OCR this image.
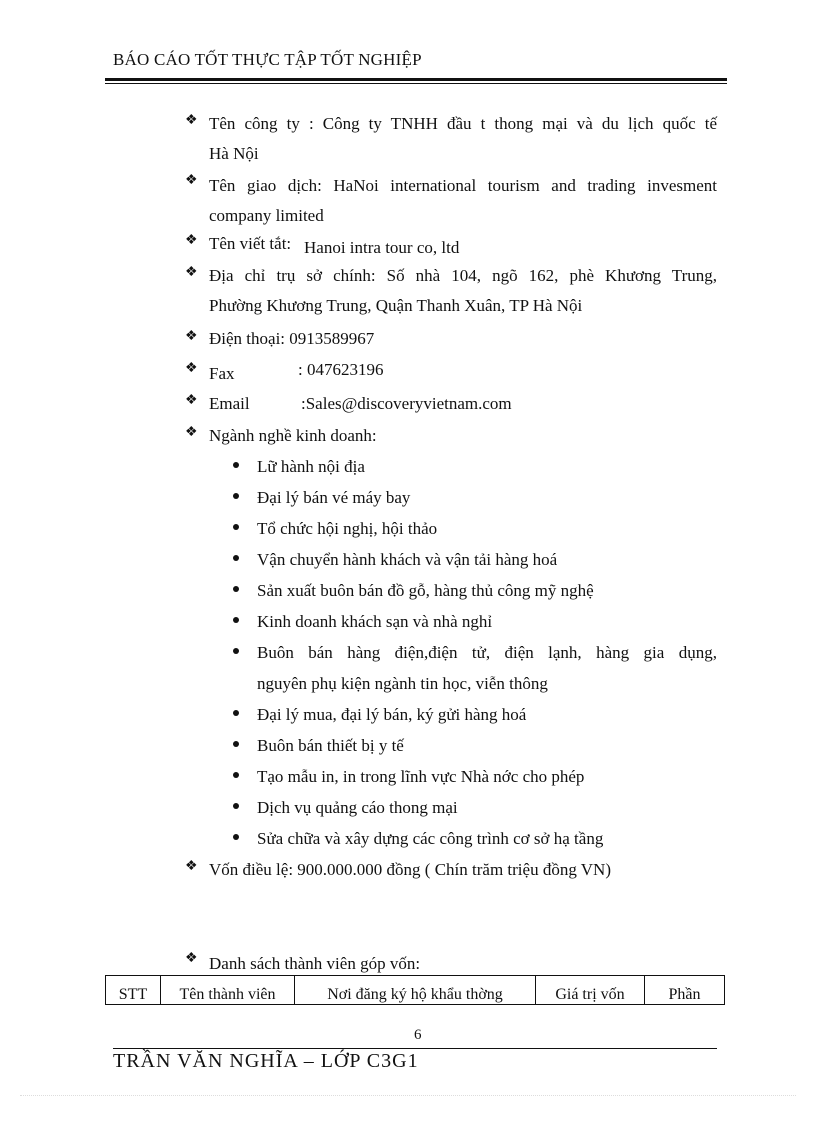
BÁO CÁO TỐT THỰC TẬP TỐT NGHIỆP
❖ Tên công ty : Công ty TNHH đầu t thong mại và du lịch quốc tế
Hà Nội
❖ Tên giao dịch: HaNoi international tourism and trading invesment
company limited
❖ Tên viết tắt: Hanoi intra tour co, ltd
❖ Địa chỉ trụ sở chính: Số nhà 104, ngõ 162, phè Khương Trung,
Phường Khương Trung, Quận Thanh Xuân, TP Hà Nội
❖ Điện thoại: 0913589967
❖ Fax	: 047623196
❖ Email	:Sales@discoveryvietnam.com
❖ Ngành nghề kinh doanh:
Lữ hành nội địa
Đại lý bán vé máy bay
Tổ chức hội nghị, hội thảo
Vận chuyển hành khách và vận tải hàng hoá
Sản xuất buôn bán đồ gỗ, hàng thủ công mỹ nghệ
Kinh doanh khách sạn và nhà nghỉ
Buôn bán hàng điện,điện tử, điện lạnh, hàng gia dụng,
nguyên phụ kiện ngành tin học, viễn thông
Đại lý mua, đại lý bán, ký gửi hàng hoá
Buôn bán thiết bị y tế
Tạo mẫu in, in trong lĩnh vực Nhà nớc cho phép
Dịch vụ quảng cáo thong mại
Sửa chữa và xây dựng các công trình cơ sở hạ tầng
❖ Vốn điều lệ: 900.000.000 đồng ( Chín trăm triệu đồng VN)
❖ Danh sách thành viên góp vốn:
STT	Tên thành viên	Nơi đăng ký hộ khẩu thờng	Giá trị vốn	Phần
6
TRẦN VĂN NGHĨA – LỚP C3G1
